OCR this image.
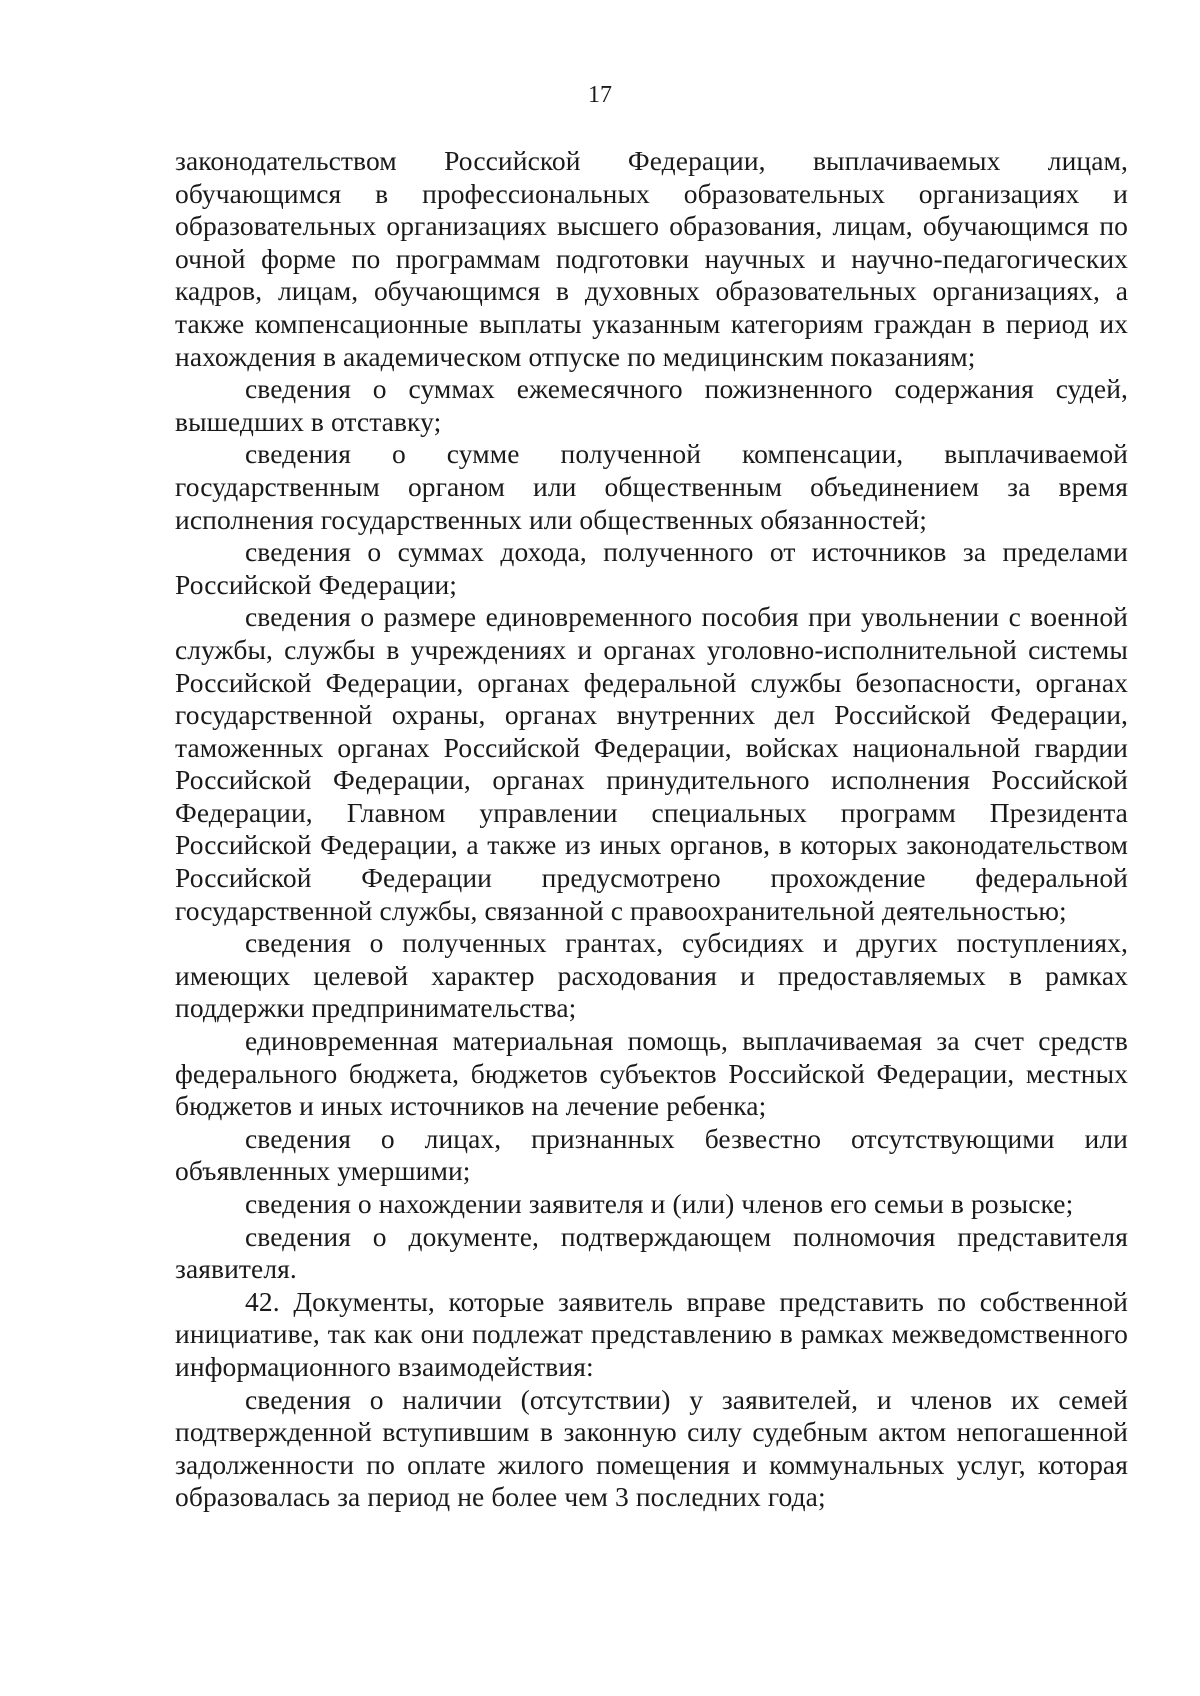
17

законодательством Российской Федерации, выплачиваемых лицам, обучающимся в профессиональных образовательных организациях и образовательных организациях высшего образования, лицам, обучающимся по очной форме по программам подготовки научных и научно-педагогических кадров, лицам, обучающимся в духовных образовательных организациях, а также компенсационные выплаты указанным категориям граждан в период их нахождения в академическом отпуске по медицинским показаниям;

сведения о суммах ежемесячного пожизненного содержания судей, вышедших в отставку;

сведения о сумме полученной компенсации, выплачиваемой государственным органом или общественным объединением за время исполнения государственных или общественных обязанностей;

сведения о суммах дохода, полученного от источников за пределами Российской Федерации;

сведения о размере единовременного пособия при увольнении с военной службы, службы в учреждениях и органах уголовно-исполнительной системы Российской Федерации, органах федеральной службы безопасности, органах государственной охраны, органах внутренних дел Российской Федерации, таможенных органах Российской Федерации, войсках национальной гвардии Российской Федерации, органах принудительного исполнения Российской Федерации, Главном управлении специальных программ Президента Российской Федерации, а также из иных органов, в которых законодательством Российской Федерации предусмотрено прохождение федеральной государственной службы, связанной с правоохранительной деятельностью;

сведения о полученных грантах, субсидиях и других поступлениях, имеющих целевой характер расходования и предоставляемых в рамках поддержки предпринимательства;

единовременная материальная помощь, выплачиваемая за счет средств федерального бюджета, бюджетов субъектов Российской Федерации, местных бюджетов и иных источников на лечение ребенка;

сведения о лицах, признанных безвестно отсутствующими или объявленных умершими;

сведения о нахождении заявителя и (или) членов его семьи в розыске;

сведения о документе, подтверждающем полномочия представителя заявителя.

42. Документы, которые заявитель вправе представить по собственной инициативе, так как они подлежат представлению в рамках межведомственного информационного взаимодействия:

сведения о наличии (отсутствии) у заявителей, и членов их семей подтвержденной вступившим в законную силу судебным актом непогашенной задолженности по оплате жилого помещения и коммунальных услуг, которая образовалась за период не более чем 3 последних года;
